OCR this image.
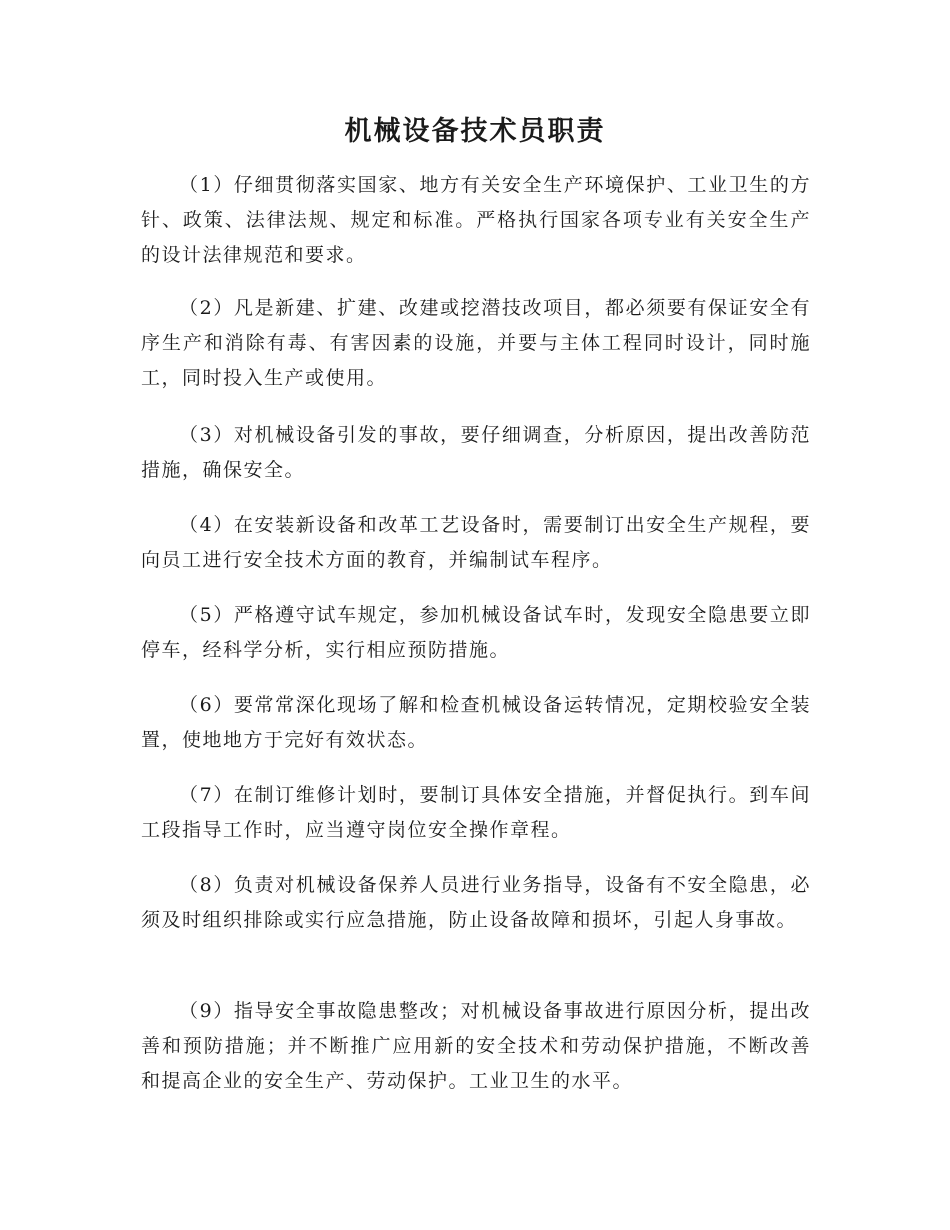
机械设备技术员职责

（1）仔细贯彻落实国家、地方有关安全生产环境保护、工业卫生的方针、政策、法律法规、规定和标准。严格执行国家各项专业有关安全生产的设计法律规范和要求。

（2）凡是新建、扩建、改建或挖潜技改项目，都必须要有保证安全有序生产和消除有毒、有害因素的设施，并要与主体工程同时设计，同时施工，同时投入生产或使用。

（3）对机械设备引发的事故，要仔细调查，分析原因，提出改善防范措施，确保安全。

（4）在安装新设备和改革工艺设备时，需要制订出安全生产规程，要向员工进行安全技术方面的教育，并编制试车程序。

（5）严格遵守试车规定，参加机械设备试车时，发现安全隐患要立即停车，经科学分析，实行相应预防措施。

（6）要常常深化现场了解和检查机械设备运转情况，定期校验安全装置，使地地方于完好有效状态。

（7）在制订维修计划时，要制订具体安全措施，并督促执行。到车间工段指导工作时，应当遵守岗位安全操作章程。

（8）负责对机械设备保养人员进行业务指导，设备有不安全隐患，必须及时组织排除或实行应急措施，防止设备故障和损坏，引起人身事故。

（9）指导安全事故隐患整改；对机械设备事故进行原因分析，提出改善和预防措施；并不断推广应用新的安全技术和劳动保护措施，不断改善和提高企业的安全生产、劳动保护。工业卫生的水平。
